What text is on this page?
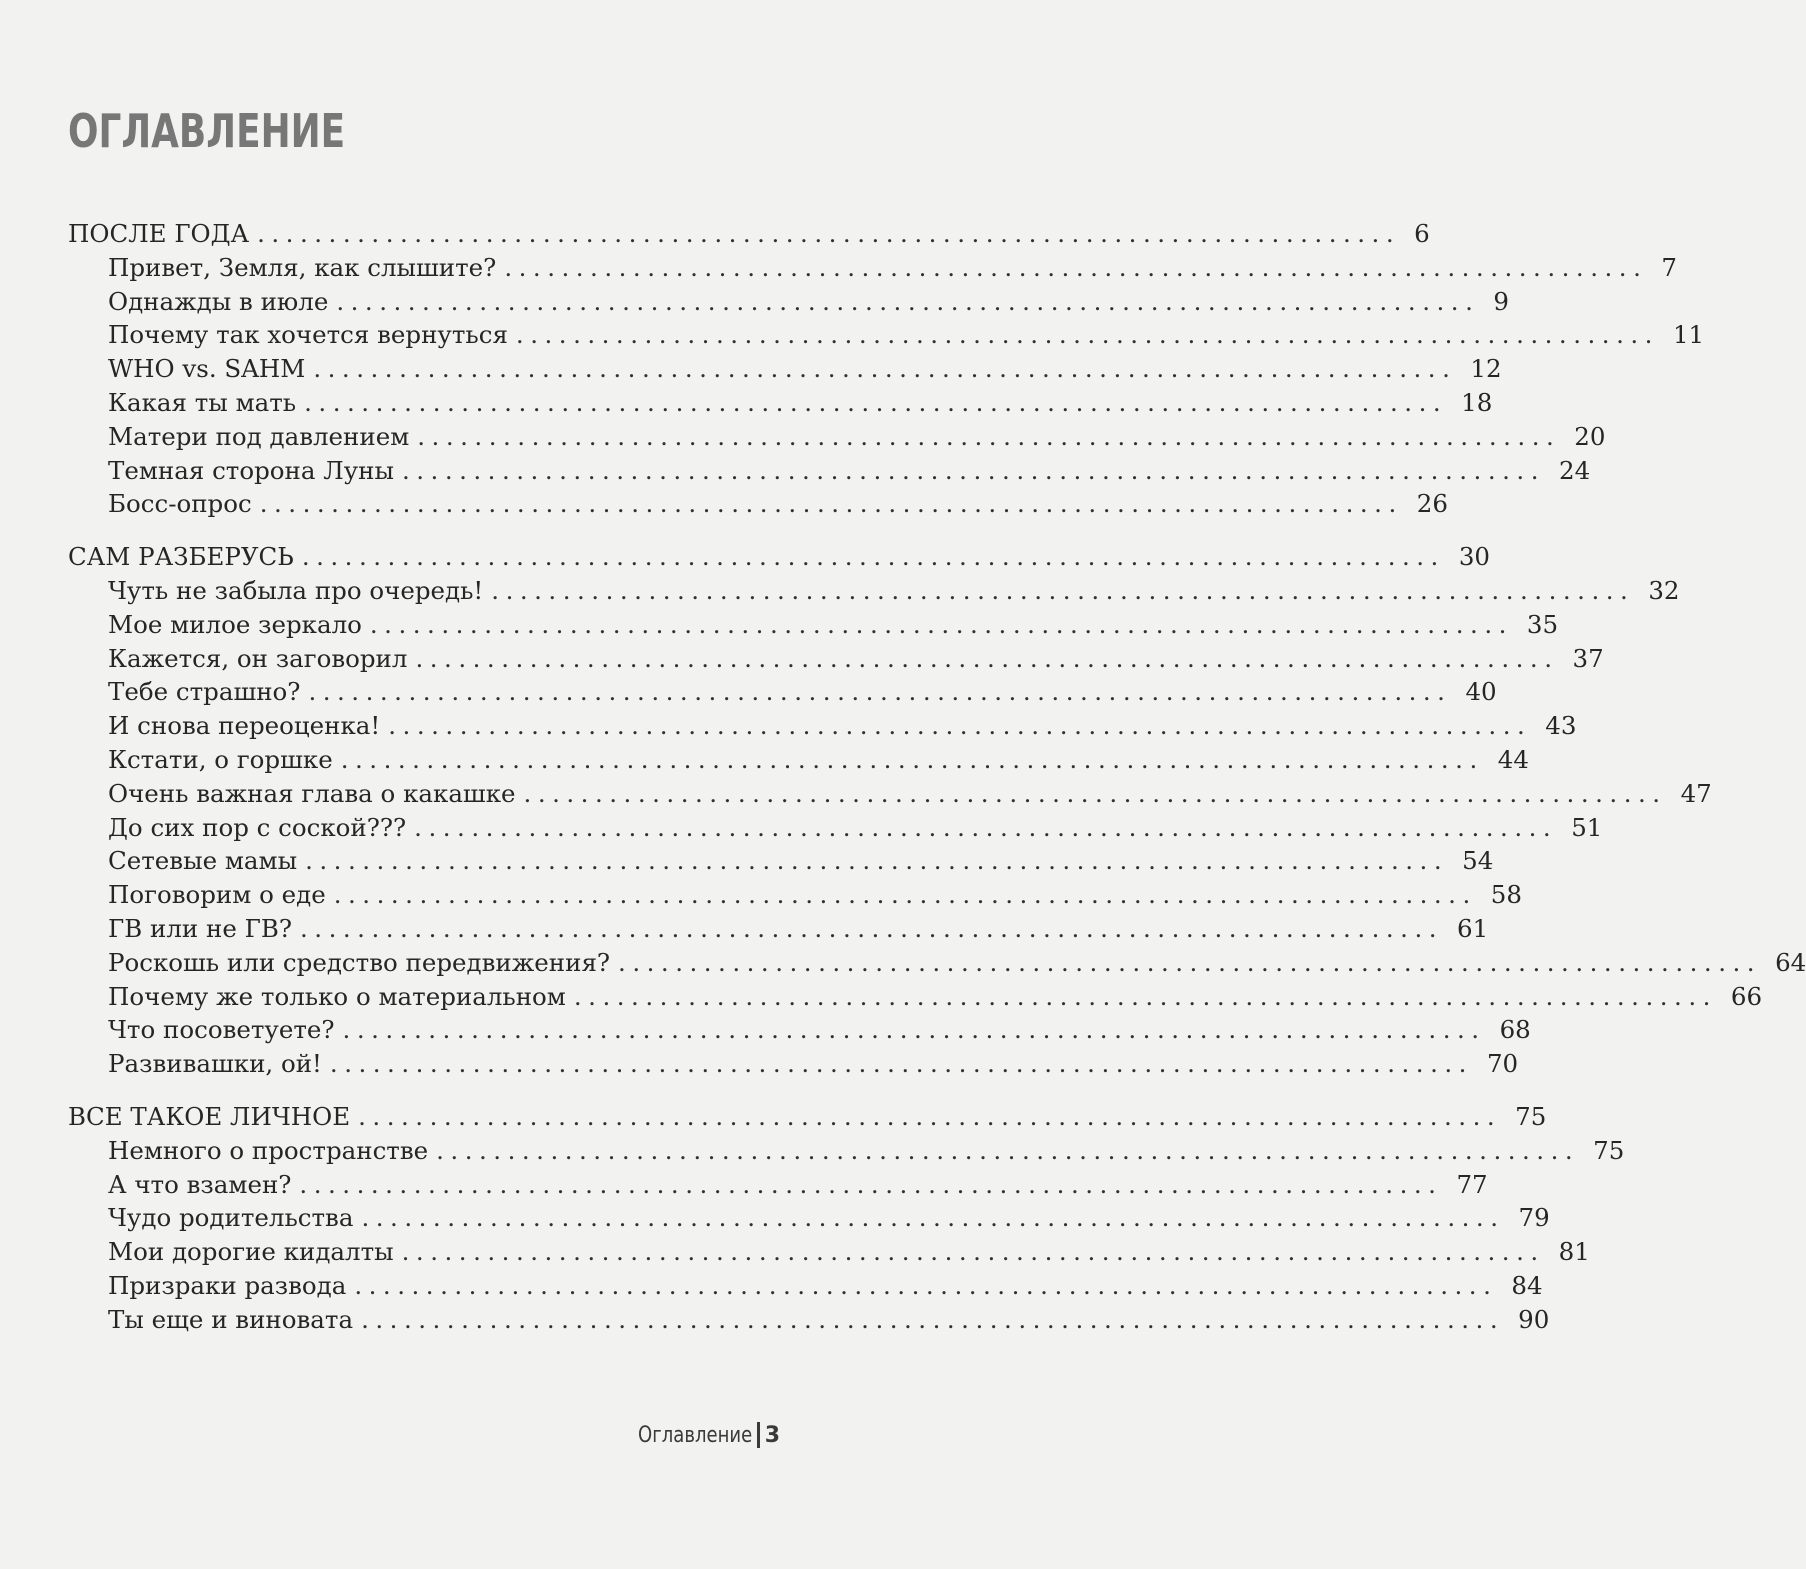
ОГЛАВЛЕНИЕ
ПОСЛЕ ГОДА ................................................................................ 6
Привет, Земля, как слышите? ................................................................................ 7
Однажды в июле ................................................................................ 9
Почему так хочется вернуться ................................................................................ 11
WHO vs. SAHM ................................................................................ 12
Какая ты мать ................................................................................ 18
Матери под давлением ................................................................................ 20
Темная сторона Луны ................................................................................ 24
Босс-опрос ................................................................................ 26
САМ РАЗБЕРУСЬ ................................................................................ 30
Чуть не забыла про очередь! ................................................................................ 32
Мое милое зеркало ................................................................................ 35
Кажется, он заговорил ................................................................................ 37
Тебе страшно? ................................................................................ 40
И снова переоценка! ................................................................................ 43
Кстати, о горшке ................................................................................ 44
Очень важная глава о какашке ................................................................................ 47
До сих пор с соской??? ................................................................................ 51
Сетевые мамы ................................................................................ 54
Поговорим о еде ................................................................................ 58
ГВ или не ГВ? ................................................................................ 61
Роскошь или средство передвижения? ................................................................................ 64
Почему же только о материальном ................................................................................ 66
Что посоветуете? ................................................................................ 68
Развивашки, ой! ................................................................................ 70
ВСЕ ТАКОЕ ЛИЧНОЕ ................................................................................ 75
Немного о пространстве ................................................................................ 75
А что взамен? ................................................................................ 77
Чудо родительства ................................................................................ 79
Мои дорогие кидалты ................................................................................ 81
Призраки развода ................................................................................ 84
Ты еще и виновата ................................................................................ 90
Оглавление 3
